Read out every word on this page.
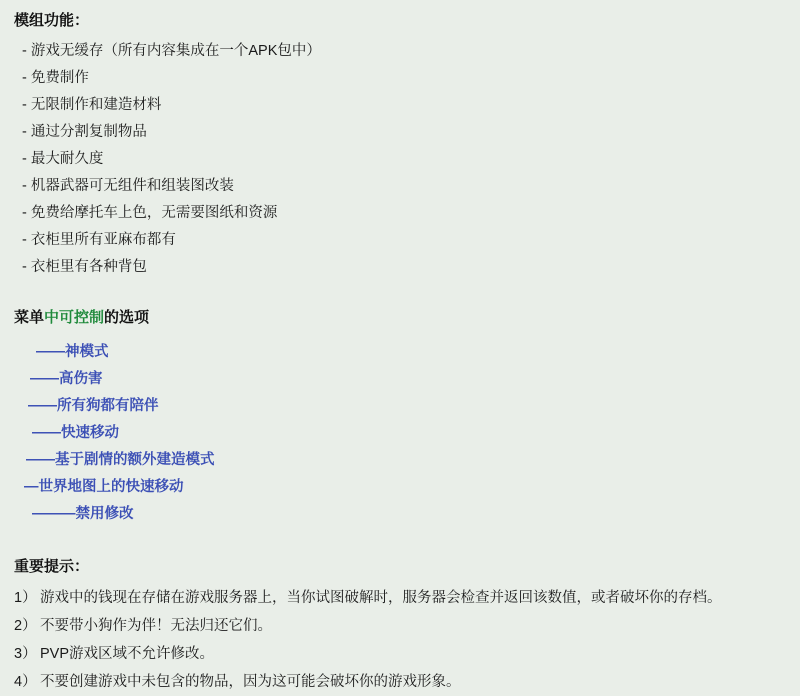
模组功能：
- 游戏无缓存（所有内容集成在一个APK包中）
- 免费制作
- 无限制作和建造材料
- 通过分割复制物品
- 最大耐久度
- 机器武器可无组件和组装图改装
- 免费给摩托车上色，无需要图纸和资源
- 衣柜里所有亚麻布都有
- 衣柜里有各种背包
菜单中可控制的选项
——神模式
——高伤害
——所有狗都有陪伴
——快速移动
——基于剧情的额外建造模式
—世界地图上的快速移动
———禁用修改
重要提示：
1） 游戏中的钱现在存储在游戏服务器上，当你试图破解时，服务器会检查并返回该数值，或者破坏你的存档。
2） 不要带小狗作为伴！无法归还它们。
3） PVP游戏区域不允许修改。
4） 不要创建游戏中未包含的物品，因为这可能会破坏你的游戏形象。
